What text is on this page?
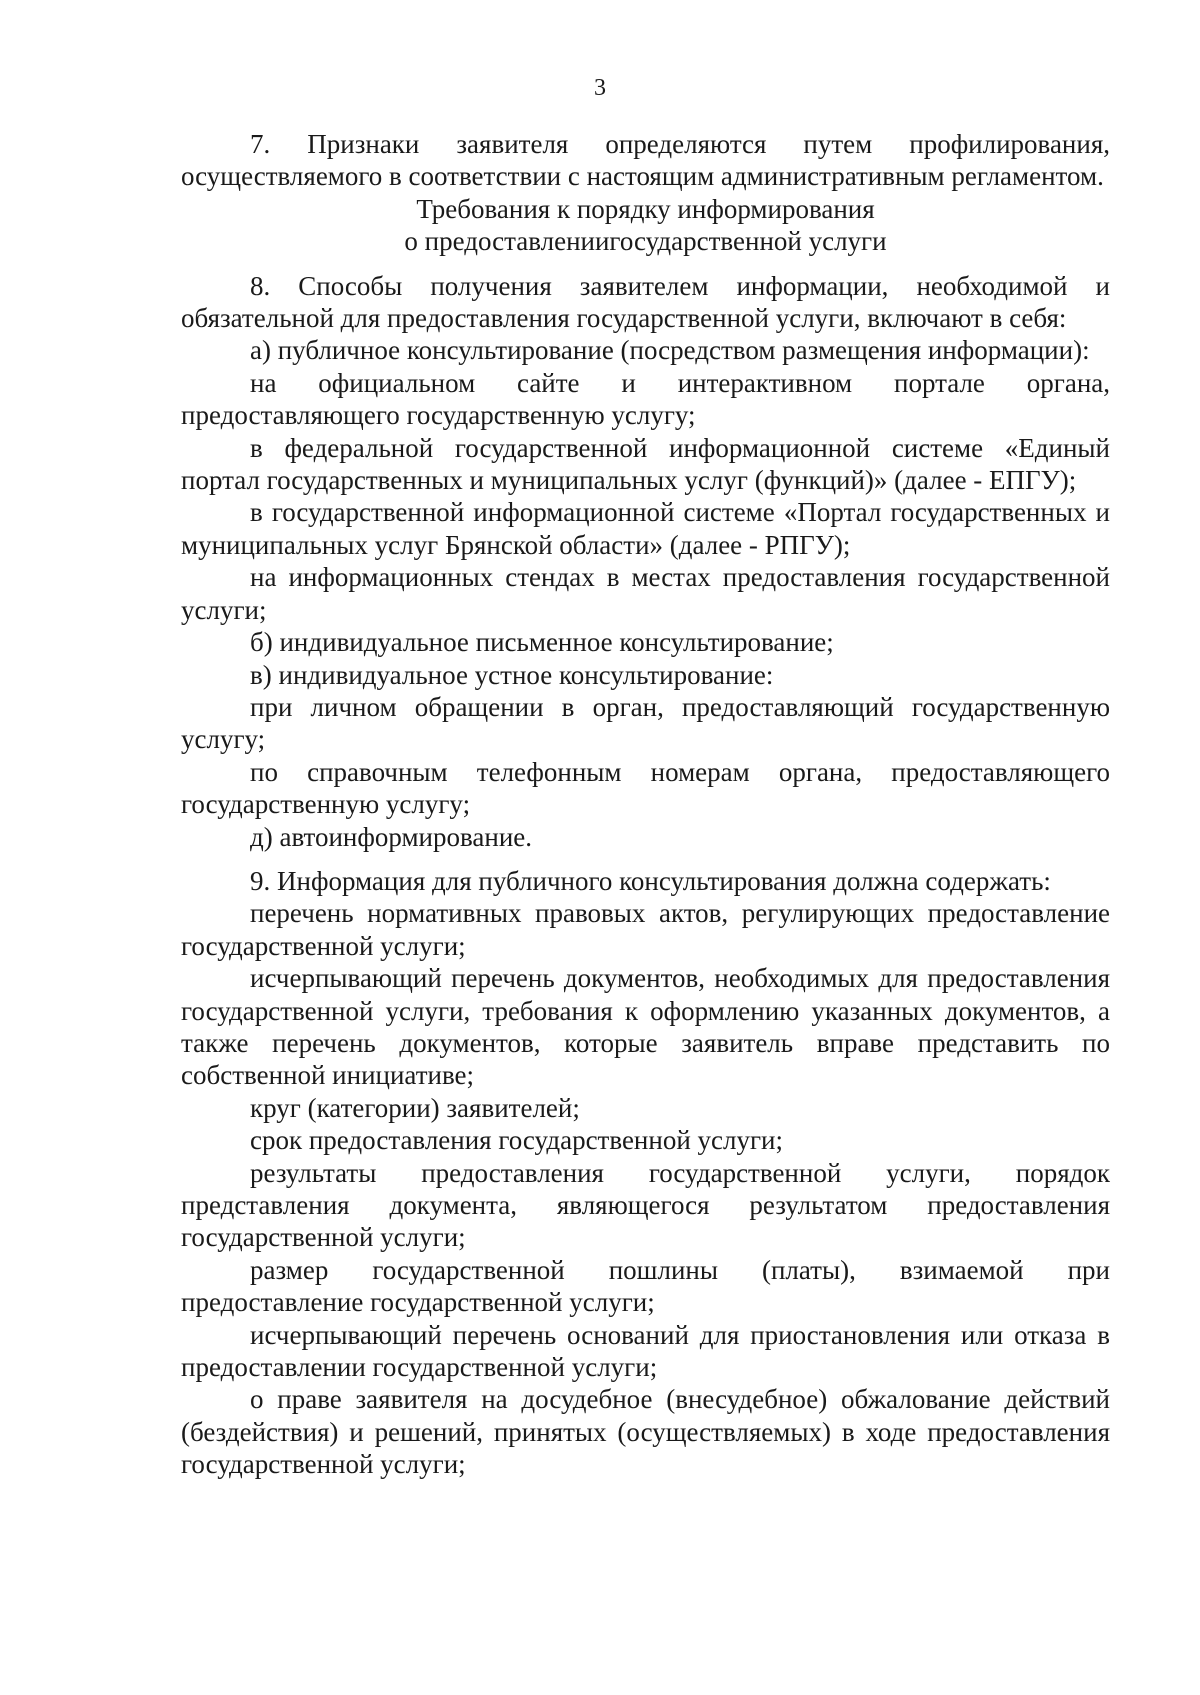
3

7. Признаки заявителя определяются путем профилирования, осуществляемого в соответствии с настоящим административным регламентом.

Требования к порядку информирования

о предоставлениигосударственной услуги

8. Способы получения заявителем информации, необходимой и обязательной для предоставления государственной услуги, включают в себя:

а) публичное консультирование (посредством размещения информации):

на официальном сайте и интерактивном портале органа, предоставляющего государственную услугу;

в федеральной государственной информационной системе «Единый портал государственных и муниципальных услуг (функций)» (далее - ЕПГУ);

в государственной информационной системе «Портал государственных и муниципальных услуг Брянской области» (далее - РПГУ);

на информационных стендах в местах предоставления государственной услуги;

б) индивидуальное письменное консультирование;

в) индивидуальное устное консультирование:

при личном обращении в орган, предоставляющий государственную услугу;

по справочным телефонным номерам органа, предоставляющего государственную услугу;

д) автоинформирование.

9. Информация для публичного консультирования должна содержать:

перечень нормативных правовых актов, регулирующих предоставление государственной услуги;

исчерпывающий перечень документов, необходимых для предоставления государственной услуги, требования к оформлению указанных документов, а также перечень документов, которые заявитель вправе представить по собственной инициативе;

круг (категории) заявителей;

срок предоставления государственной услуги;

результаты предоставления государственной услуги, порядок представления документа, являющегося результатом предоставления государственной услуги;

размер государственной пошлины (платы), взимаемой при предоставление государственной услуги;

исчерпывающий перечень оснований для приостановления или отказа в предоставлении государственной услуги;

о праве заявителя на досудебное (внесудебное) обжалование действий (бездействия) и решений, принятых (осуществляемых) в ходе предоставления государственной услуги;
